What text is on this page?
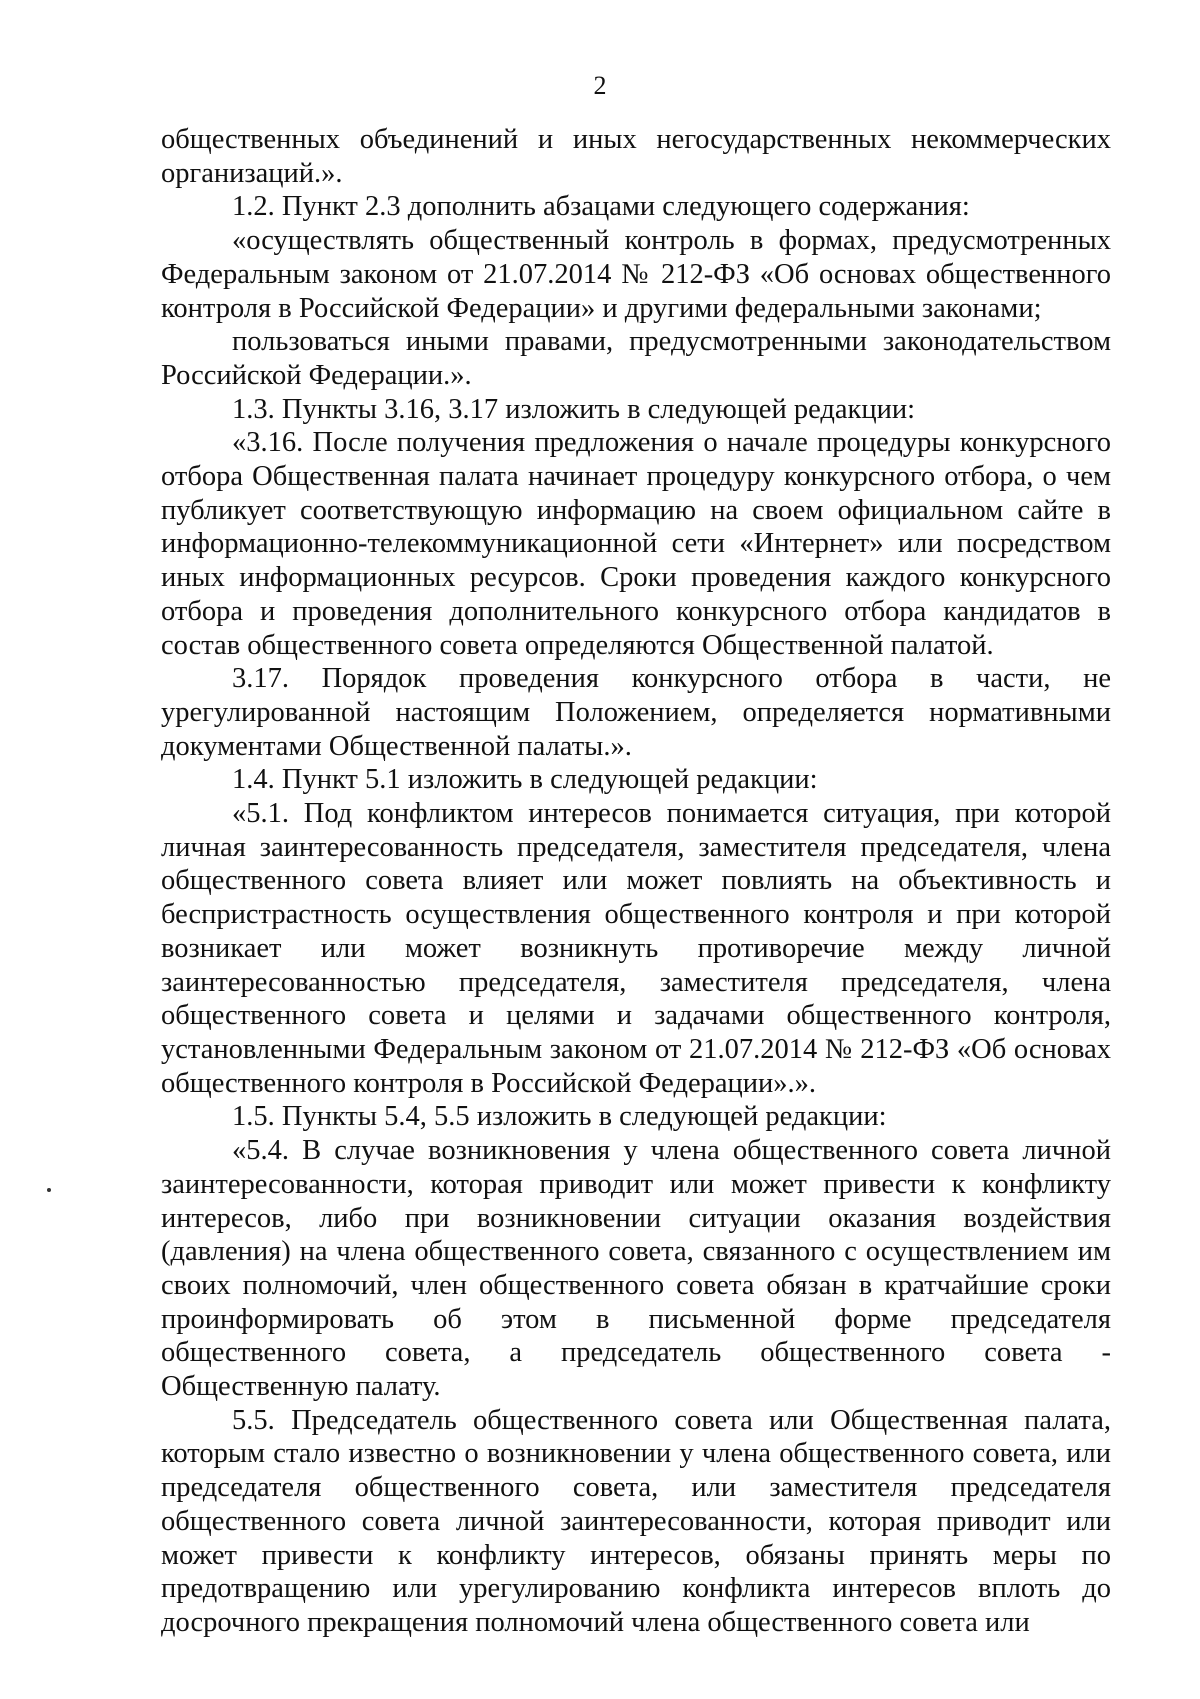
2

общественных объединений и иных негосударственных некоммерческих организаций.».

1.2. Пункт 2.3 дополнить абзацами следующего содержания:

«осуществлять общественный контроль в формах, предусмотренных Федеральным законом от 21.07.2014 № 212-ФЗ «Об основах общественного контроля в Российской Федерации» и другими федеральными законами;

пользоваться иными правами, предусмотренными законодательством Российской Федерации.».

1.3. Пункты 3.16, 3.17 изложить в следующей редакции:

«3.16. После получения предложения о начале процедуры конкурсного отбора Общественная палата начинает процедуру конкурсного отбора, о чем публикует соответствующую информацию на своем официальном сайте в информационно-телекоммуникационной сети «Интернет» или посредством иных информационных ресурсов. Сроки проведения каждого конкурсного отбора и проведения дополнительного конкурсного отбора кандидатов в состав общественного совета определяются Общественной палатой.

3.17. Порядок проведения конкурсного отбора в части, не урегулированной настоящим Положением, определяется нормативными документами Общественной палаты.».

1.4. Пункт 5.1 изложить в следующей редакции:

«5.1. Под конфликтом интересов понимается ситуация, при которой личная заинтересованность председателя, заместителя председателя, члена общественного совета влияет или может повлиять на объективность и беспристрастность осуществления общественного контроля и при которой возникает или может возникнуть противоречие между личной заинтересованностью председателя, заместителя председателя, члена общественного совета и целями и задачами общественного контроля, установленными Федеральным законом от 21.07.2014 № 212-ФЗ «Об основах общественного контроля в Российской Федерации».».

1.5. Пункты 5.4, 5.5 изложить в следующей редакции:

«5.4. В случае возникновения у члена общественного совета личной заинтересованности, которая приводит или может привести к конфликту интересов, либо при возникновении ситуации оказания воздействия (давления) на члена общественного совета, связанного с осуществлением им своих полномочий, член общественного совета обязан в кратчайшие сроки проинформировать об этом в письменной форме председателя общественного совета, а председатель общественного совета - Общественную палату.

5.5. Председатель общественного совета или Общественная палата, которым стало известно о возникновении у члена общественного совета, или председателя общественного совета, или заместителя председателя общественного совета личной заинтересованности, которая приводит или может привести к конфликту интересов, обязаны принять меры по предотвращению или урегулированию конфликта интересов вплоть до досрочного прекращения полномочий члена общественного совета или
